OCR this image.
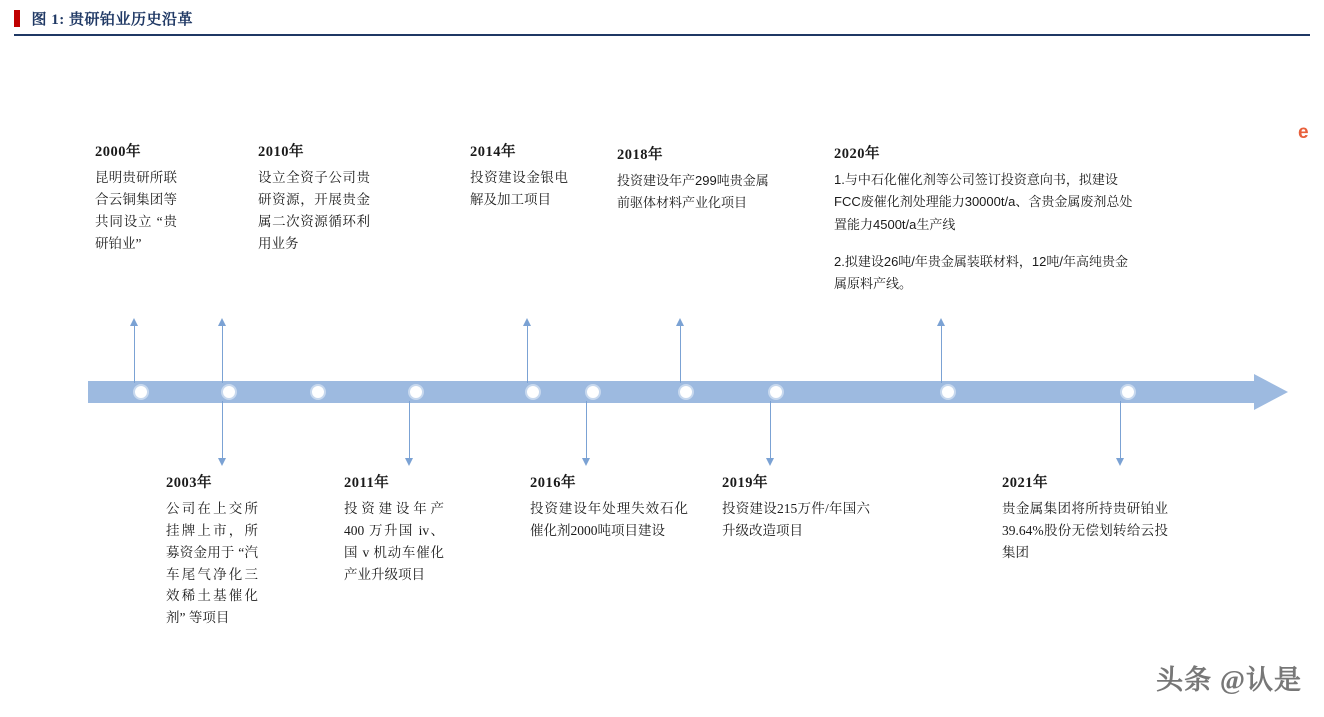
图 1: 贵研铂业历史沿革
2000年
昆明贵研所联合云铜集团等共同设立 “贵研铂业”
2010年
设立全资子公司贵研资源，开展贵金属二次资源循环利用业务
2014年
投资建设金银电解及加工项目
2018年
投资建设年产299吨贵金属前驱体材料产业化项目
2020年

1.与中石化催化剂等公司签订投资意向书，拟建设FCC废催化剂处理能力30000t/a、含贵金属废剂总处置能力4500t/a生产线

2.拟建设26吨/年贵金属装联材料，12吨/年高纯贵金属原料产线。

2003年
公司在上交所挂牌上市，所募资金用于 “汽车尾气净化三效稀土基催化剂” 等项目
2011年
投资建设年产 400 万升国 iv、国 v 机动车催化产业升级项目
2016年
投资建设年处理失效石化催化剂2000吨项目建设
2019年
投资建设215万件/年国六升级改造项目
2021年
贵金属集团将所持贵研铂业39.64%股份无偿划转给云投集团
头条 @认是
e
